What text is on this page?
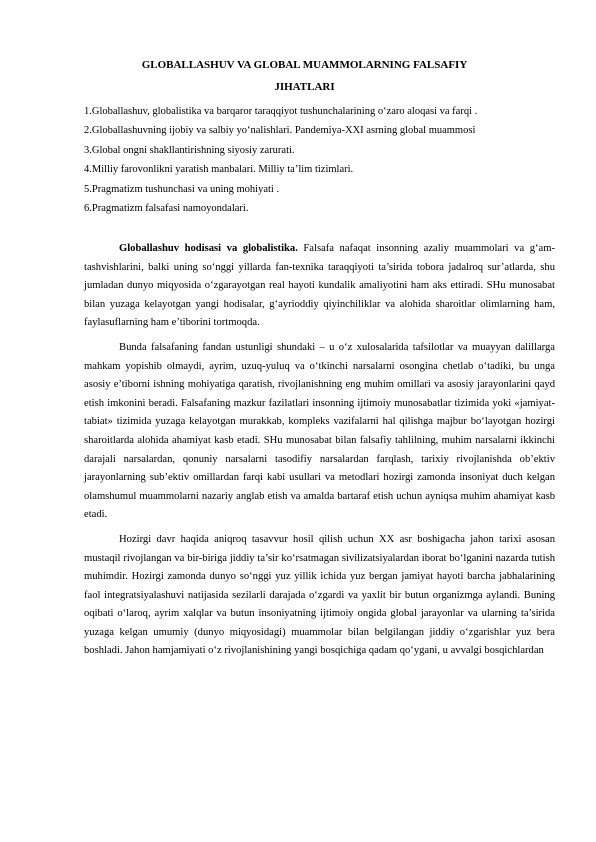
GLOBALLASHUV VA GLOBAL MUAMMOLARNING FALSAFIY
JIHATLARI
1.Globallashuv, globalistika va barqaror taraqqiyot tushunchalarining oʻzaro aloqasi va farqi .
2.Globallashuvning ijobiy va salbiy yoʻnalishlari. Pandemiya-XXI asrning global muammosi
3.Global ongni shakllantirishning siyosiy zarurati.
4.Milliy farovonlikni yaratish manbalari. Milliy ta’lim tizimlari.
5.Pragmatizm tushunchasi va uning mohiyati .
6.Pragmatizm falsafasi namoyondalari.

Globallashuv hodisasi va globalistika. Falsafa nafaqat insonning azaliy muammolari va gʻam-tashvishlarini, balki uning soʻnggi yillarda fan-texnika taraqqiyoti ta’sirida tobora jadalroq sur’atlarda, shu jumladan dunyo miqyosida oʻzgarayotgan real hayoti kundalik amaliyotini ham aks ettiradi. SHu munosabat bilan yuzaga kelayotgan yangi hodisalar, gʻayrioddiy qiyinchiliklar va alohida sharoitlar olimlarning ham, faylasuflarning ham e’tiborini tortmoqda.

Bunda falsafaning fandan ustunligi shundaki – u oʻz xulosalarida tafsilotlar va muayyan dalillarga mahkam yopishib olmaydi, ayrim, uzuq-yuluq va oʻtkinchi narsalarni osongina chetlab oʻtadiki, bu unga asosiy e’tiborni ishning mohiyatiga qaratish, rivojlanishning eng muhim omillari va asosiy jarayonlarini qayd etish imkonini beradi. Falsafaning mazkur fazilatlari insonning ijtimoiy munosabatlar tizimida yoki «jamiyat-tabiat» tizimida yuzaga kelayotgan murakkab, kompleks vazifalarni hal qilishga majbur boʻlayotgan hozirgi sharoitlarda alohida ahamiyat kasb etadi. SHu munosabat bilan falsafiy tahlilning, muhim narsalarni ikkinchi darajali narsalardan, qonuniy narsalarni tasodifiy narsalardan farqlash, tarixiy rivojlanishda ob’ektiv jarayonlarning sub’ektiv omillardan farqi kabi usullari va metodlari hozirgi zamonda insoniyat duch kelgan olamshumul muammolarni nazariy anglab etish va amalda bartaraf etish uchun ayniqsa muhim ahamiyat kasb etadi.

Hozirgi davr haqida aniqroq tasavvur hosil qilish uchun XX asr boshigacha jahon tarixi asosan mustaqil rivojlangan va bir-biriga jiddiy ta’sir koʻrsatmagan sivilizatsiyalardan iborat boʻlganini nazarda tutish muhimdir. Hozirgi zamonda dunyo soʻnggi yuz yillik ichida yuz bergan jamiyat hayoti barcha jabhalarining faol integratsiyalashuvi natijasida sezilarli darajada oʻzgardi va yaxlit bir butun organizmga aylandi. Buning oqibati oʻlaroq, ayrim xalqlar va butun insoniyatning ijtimoiy ongida global jarayonlar va ularning ta’sirida yuzaga kelgan umumiy (dunyo miqyosidagi) muammolar bilan belgilangan jiddiy oʻzgarishlar yuz bera boshladi. Jahon hamjamiyati oʻz rivojlanishining yangi bosqichiga qadam qoʻygani, u avvalgi bosqichlardan
